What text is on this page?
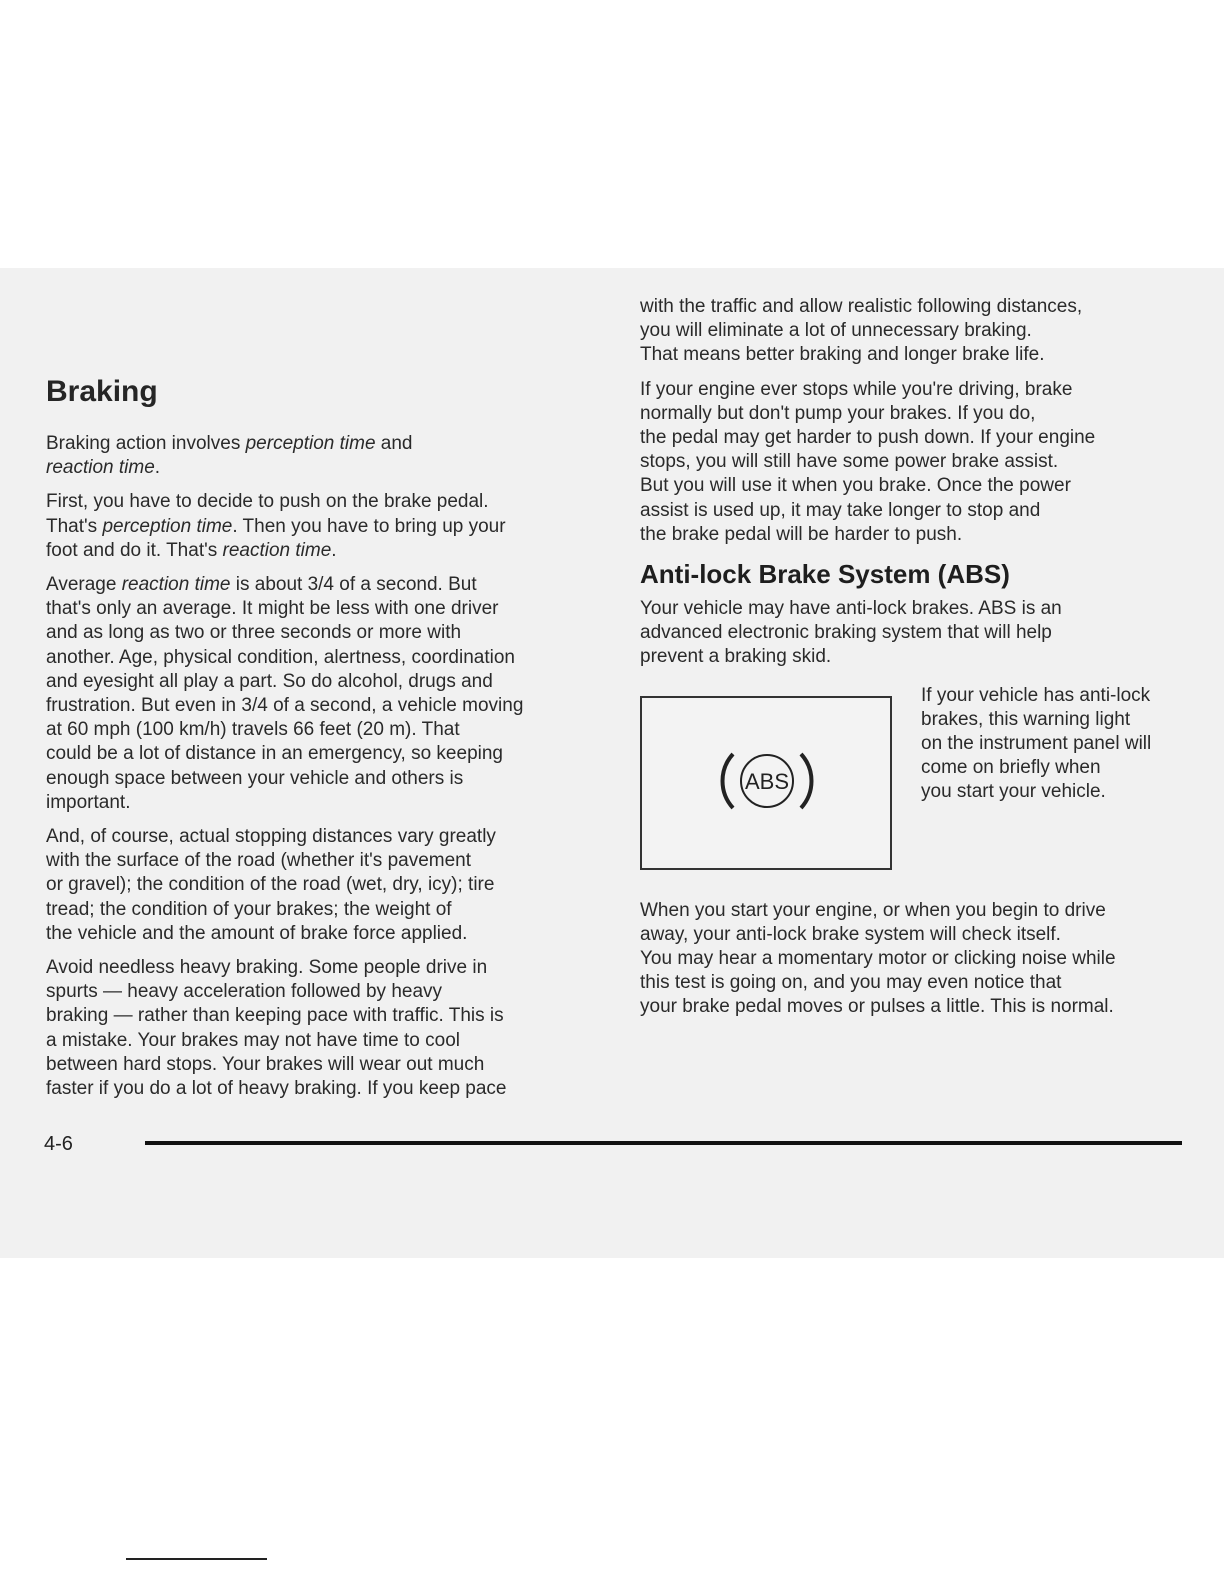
Braking

Braking action involves perception time and
reaction time.

First, you have to decide to push on the brake pedal.
That's perception time. Then you have to bring up your
foot and do it. That's reaction time.

Average reaction time is about 3/4 of a second. But
that's only an average. It might be less with one driver
and as long as two or three seconds or more with
another. Age, physical condition, alertness, coordination
and eyesight all play a part. So do alcohol, drugs and
frustration. But even in 3/4 of a second, a vehicle moving
at 60 mph (100 km/h) travels 66 feet (20 m). That
could be a lot of distance in an emergency, so keeping
enough space between your vehicle and others is
important.

And, of course, actual stopping distances vary greatly
with the surface of the road (whether it's pavement
or gravel); the condition of the road (wet, dry, icy); tire
tread; the condition of your brakes; the weight of
the vehicle and the amount of brake force applied.

Avoid needless heavy braking. Some people drive in
spurts — heavy acceleration followed by heavy
braking — rather than keeping pace with traffic. This is
a mistake. Your brakes may not have time to cool
between hard stops. Your brakes will wear out much
faster if you do a lot of heavy braking. If you keep pace

with the traffic and allow realistic following distances,
you will eliminate a lot of unnecessary braking.
That means better braking and longer brake life.

If your engine ever stops while you're driving, brake
normally but don't pump your brakes. If you do,
the pedal may get harder to push down. If your engine
stops, you will still have some power brake assist.
But you will use it when you brake. Once the power
assist is used up, it may take longer to stop and
the brake pedal will be harder to push.

Anti-lock Brake System (ABS)

Your vehicle may have anti-lock brakes. ABS is an
advanced electronic braking system that will help
prevent a braking skid.

ABS

If your vehicle has anti-lock
brakes, this warning light
on the instrument panel will
come on briefly when
you start your vehicle.

When you start your engine, or when you begin to drive
away, your anti-lock brake system will check itself.
You may hear a momentary motor or clicking noise while
this test is going on, and you may even notice that
your brake pedal moves or pulses a little. This is normal.

4-6
